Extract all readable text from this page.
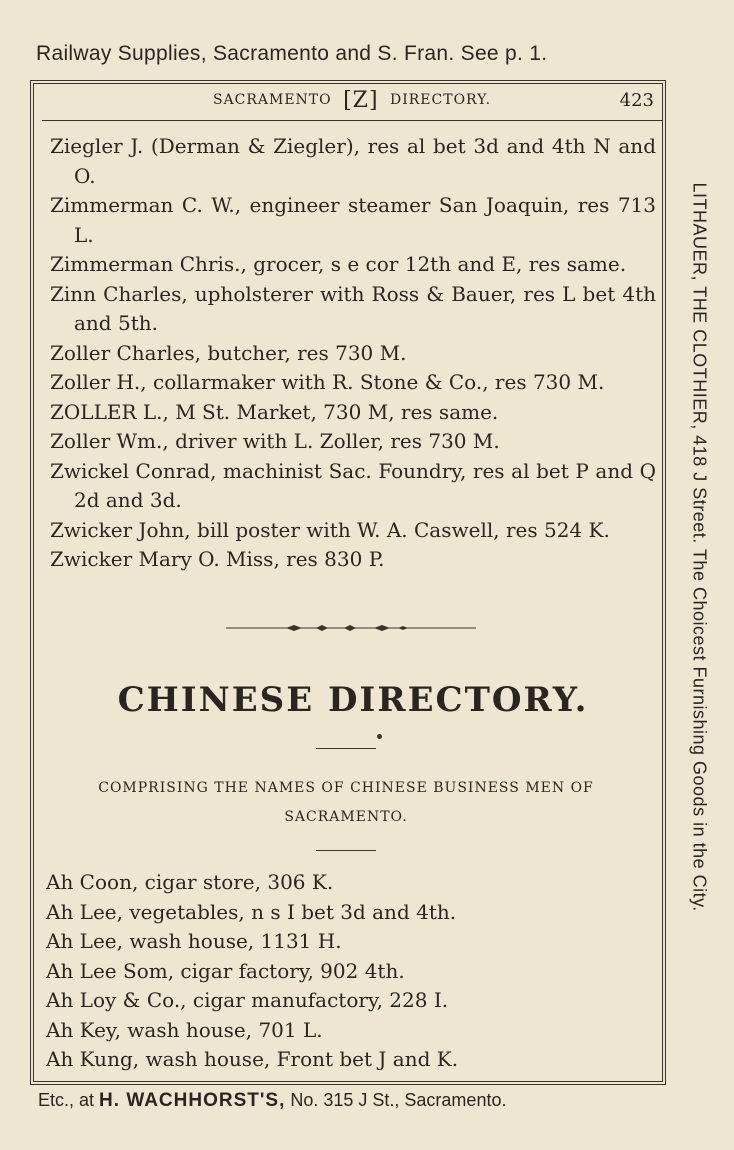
Railway Supplies, Sacramento and S. Fran. See p. 1.
SACRAMENTO [Z] DIRECTORY.	423
Ziegler J. (Derman & Ziegler), res al bet 3d and 4th N and O.
Zimmerman C. W., engineer steamer San Joaquin, res 713 L.
Zimmerman Chris., grocer, s e cor 12th and E, res same.
Zinn Charles, upholsterer with Ross & Bauer, res L bet 4th and 5th.
Zoller Charles, butcher, res 730 M.
Zoller H., collarmaker with R. Stone & Co., res 730 M.
ZOLLER L., M St. Market, 730 M, res same.
Zoller Wm., driver with L. Zoller, res 730 M.
Zwickel Conrad, machinist Sac. Foundry, res al bet P and Q 2d and 3d.
Zwicker John, bill poster with W. A. Caswell, res 524 K.
Zwicker Mary O. Miss, res 830 P.
CHINESE DIRECTORY.
COMPRISING THE NAMES OF CHINESE BUSINESS MEN OF
SACRAMENTO.
Ah Coon, cigar store, 306 K.
Ah Lee, vegetables, n s I bet 3d and 4th.
Ah Lee, wash house, 1131 H.
Ah Lee Som, cigar factory, 902 4th.
Ah Loy & Co., cigar manufactory, 228 I.
Ah Key, wash house, 701 L.
Ah Kung, wash house, Front bet J and K.
LITHAUER, THE CLOTHIER, 418 J Street. The Choicest Furnishing Goods in the City.
Etc., at H. WACHHORST'S, No. 315 J St., Sacramento.
